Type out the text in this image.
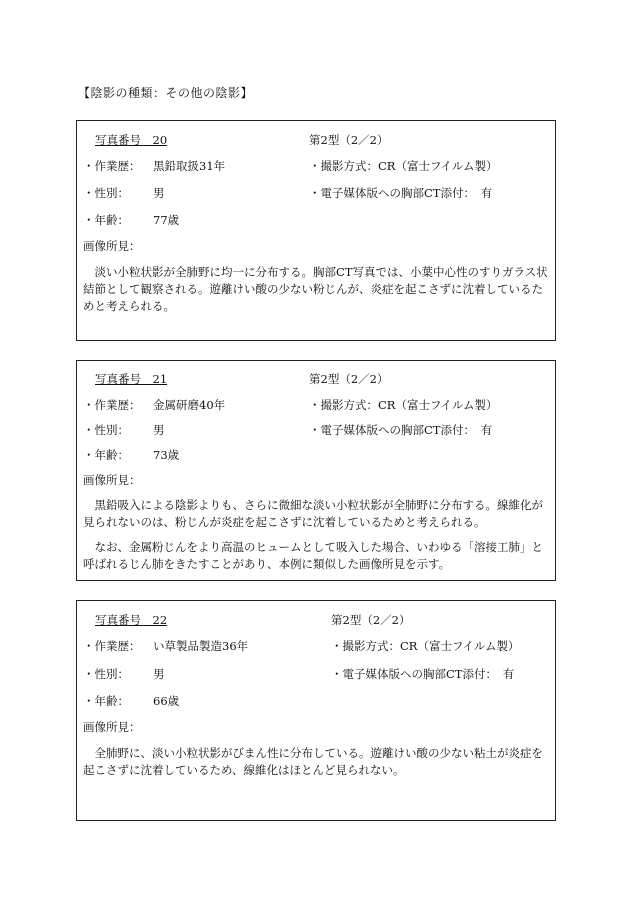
【陰影の種類：その他の陰影】
写真番号　20	第2型（2／2）
・作業歴： 黒鉛取扱31年	・撮影方式：CR（富士フイルム製）
・性別： 男	・電子媒体版への胸部CT添付：　有
・年齢： 77歳
画像所見：
淡い小粒状影が全肺野に均一に分布する。胸部CT写真では、小葉中心性のすりガラス状結節として観察される。遊離けい酸の少ない粉じんが、炎症を起こさずに沈着しているためと考えられる。
写真番号　21	第2型（2／2）
・作業歴： 金属研磨40年	・撮影方式：CR（富士フイルム製）
・性別： 男	・電子媒体版への胸部CT添付：　有
・年齢： 73歳
画像所見：
黒鉛吸入による陰影よりも、さらに微細な淡い小粒状影が全肺野に分布する。線維化が見られないのは、粉じんが炎症を起こさずに沈着しているためと考えられる。
なお、金属粉じんをより高温のヒュームとして吸入した場合、いわゆる「溶接工肺」と呼ばれるじん肺をきたすことがあり、本例に類似した画像所見を示す。
写真番号　22	第2型（2／2）
・作業歴： い草製品製造36年	・撮影方式：CR（富士フイルム製）
・性別： 男	・電子媒体版への胸部CT添付：　有
・年齢： 66歳
画像所見：
全肺野に、淡い小粒状影がびまん性に分布している。遊離けい酸の少ない粘土が炎症を起こさずに沈着しているため、線維化はほとんど見られない。
